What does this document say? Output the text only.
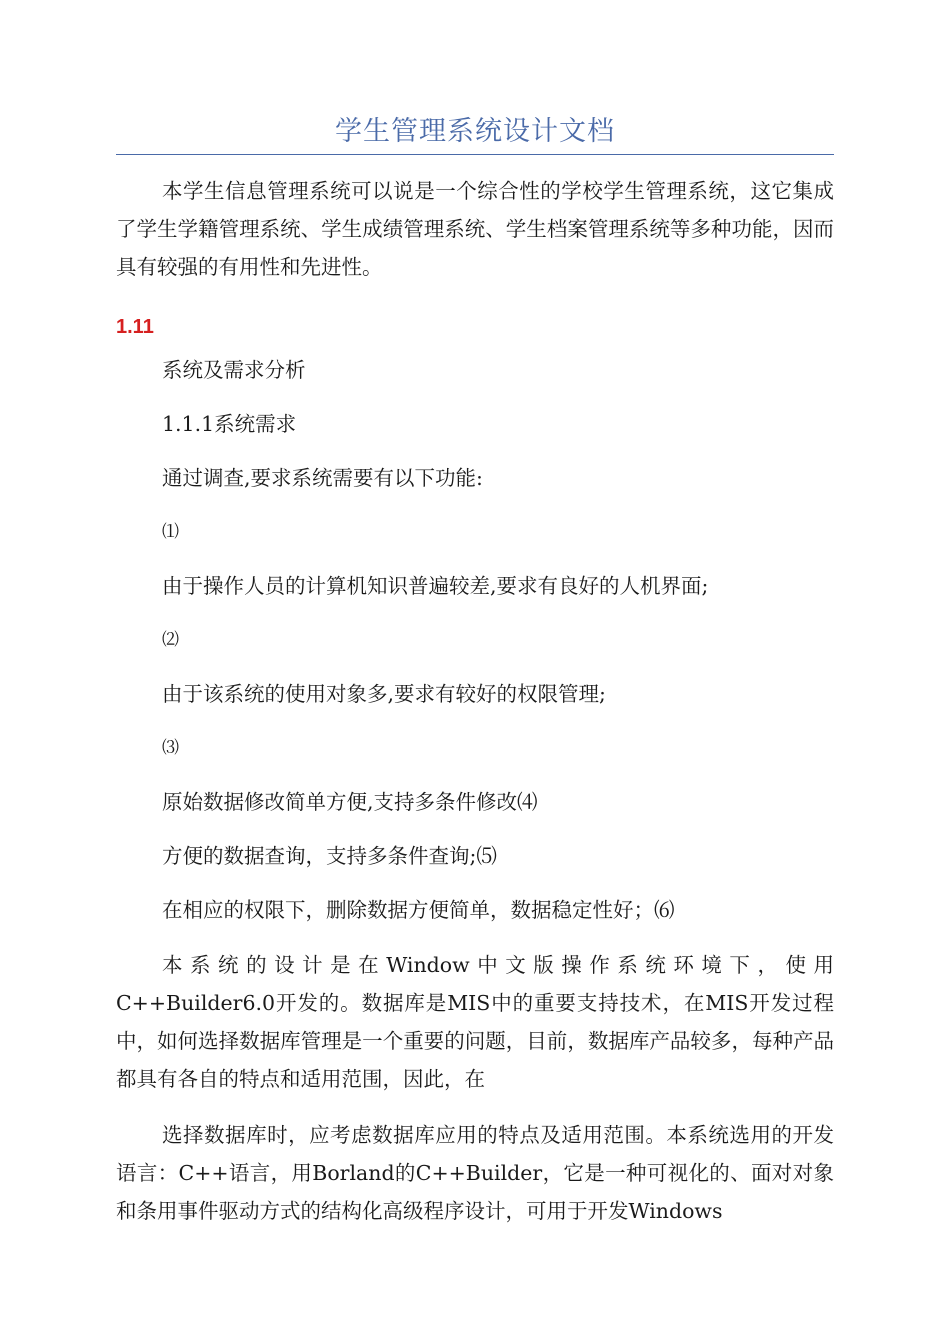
学生管理系统设计文档
本学生信息管理系统可以说是一个综合性的学校学生管理系统，这它集成了学生学籍管理系统、学生成绩管理系统、学生档案管理系统等多种功能，因而具有较强的有用性和先进性。
1.11
系统及需求分析
1.1.1系统需求
通过调查,要求系统需要有以下功能:
⑴
由于操作人员的计算机知识普遍较差,要求有良好的人机界面;
⑵
由于该系统的使用对象多,要求有较好的权限管理;
⑶
原始数据修改简单方便,支持多条件修改⑷
方便的数据查询，支持多条件查询;⑸
在相应的权限下，删除数据方便简单，数据稳定性好；⑹
本系统的设计是在Window中文版操作系统环境下，使用C++Builder6.0开发的。数据库是MIS中的重要支持技术，在MIS开发过程中，如何选择数据库管理是一个重要的问题，目前，数据库产品较多，每种产品都具有各自的特点和适用范围，因此，在
选择数据库时，应考虑数据库应用的特点及适用范围。本系统选用的开发语言：C++语言，用Borland的C++Builder，它是一种可视化的、面对对象和条用事件驱动方式的结构化高级程序设计，可用于开发Windows
